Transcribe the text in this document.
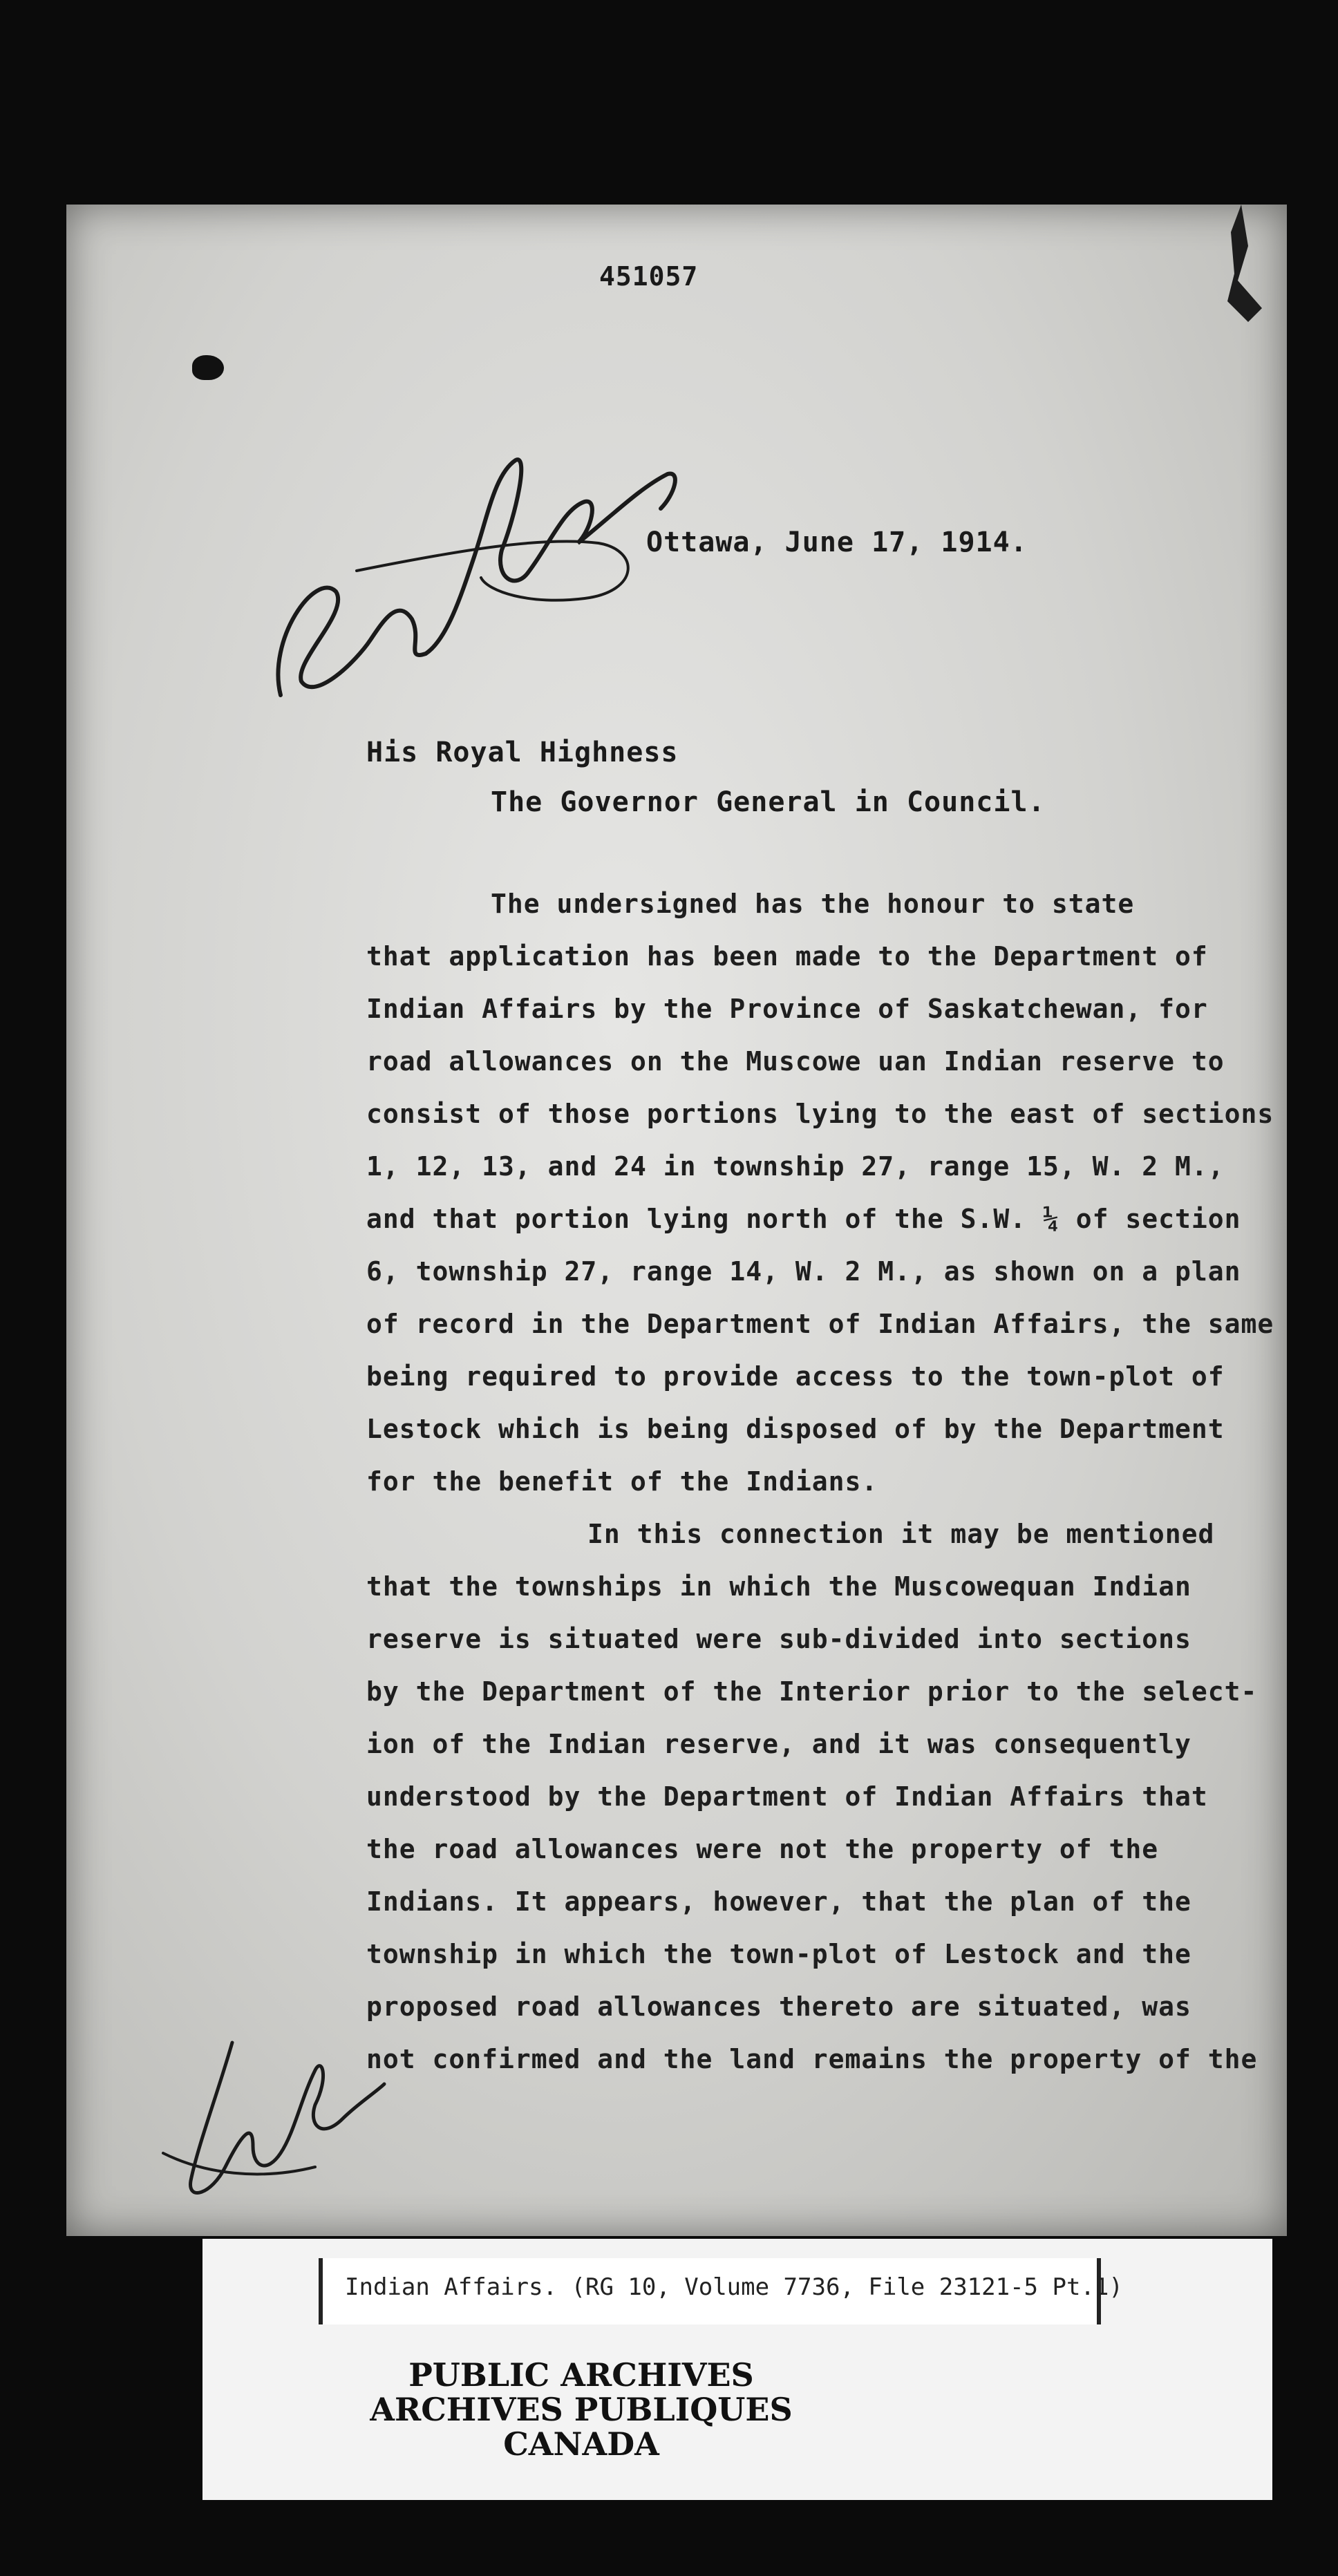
451057
Ottawa, June 17, 1914.
His Royal Highness
The Governor General in Council.
The undersigned has the honour to state
that application has been made to the Department of
Indian Affairs by the Province of Saskatchewan, for
road allowances on the Muscowe uan Indian reserve to
consist of those portions lying to the east of sections
1, 12, 13, and 24 in township 27, range 15, W. 2 M.,
and that portion lying north of the S.W. ¼ of section
6, township 27, range 14, W. 2 M., as shown on a plan
of record in the Department of Indian Affairs, the same
being required to provide access to the town-plot of
Lestock which is being disposed of by the Department
for the benefit of the Indians.
In this connection it may be mentioned
that the townships in which the Muscowequan Indian
reserve is situated were sub-divided into sections
by the Department of the Interior prior to the select-
ion of the Indian reserve, and it was consequently
understood by the Department of Indian Affairs that
the road allowances were not the property of the
Indians. It appears, however, that the plan of the
township in which the town-plot of Lestock and the
proposed road allowances thereto are situated, was
not confirmed and the land remains the property of the
Indian Affairs. (RG 10, Volume 7736, File 23121-5 Pt.1)
PUBLIC ARCHIVES
ARCHIVES PUBLIQUES
CANADA
